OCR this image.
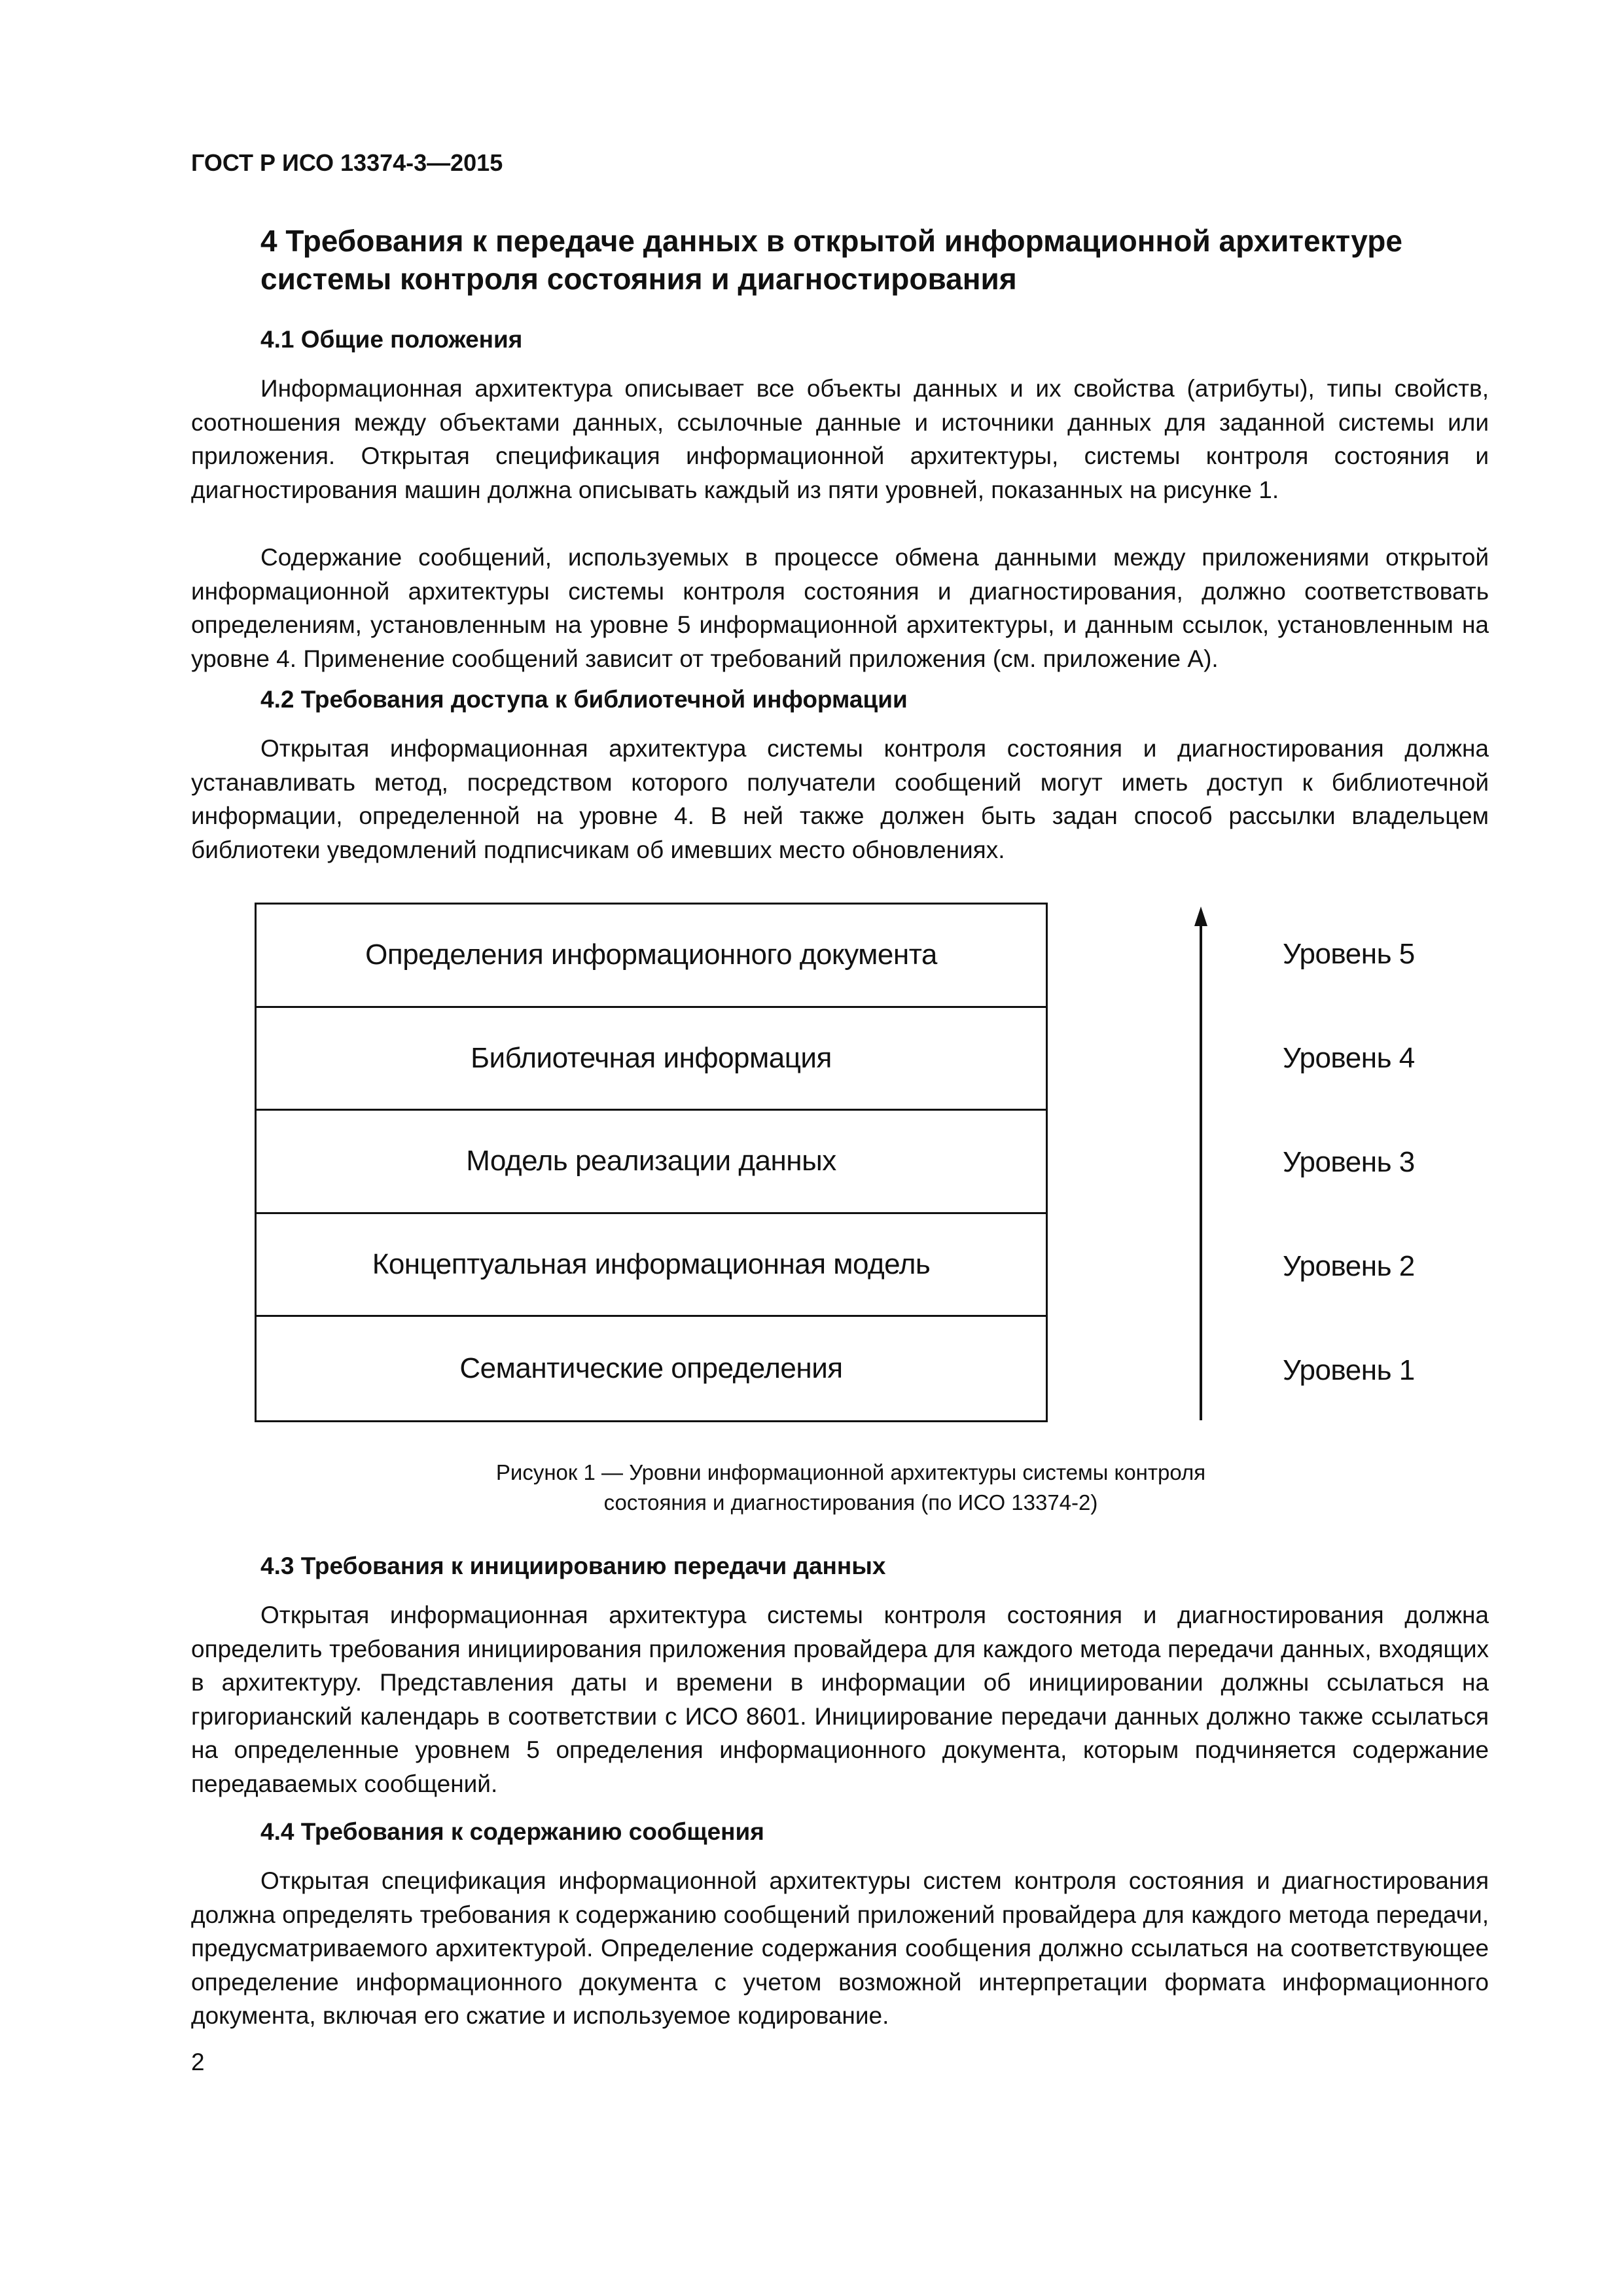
ГОСТ Р ИСО 13374-3—2015
4 Требования к передаче данных в открытой информационной архитектуре системы контроля состояния и диагностирования
4.1 Общие положения
Информационная архитектура описывает все объекты данных и их свойства (атрибуты), типы свойств, соотношения между объектами данных, ссылочные данные и источники данных для заданной системы или приложения. Открытая спецификация информационной архитектуры, системы контроля состояния и диагностирования машин должна описывать каждый из пяти уровней, показанных на рисунке 1.
Содержание сообщений, используемых в процессе обмена данными между приложениями открытой информационной архитектуры системы контроля состояния и диагностирования, должно соответствовать определениям, установленным на уровне 5 информационной архитектуры, и данным ссылок, установленным на уровне 4. Применение сообщений зависит от требований приложения (см. приложение А).
4.2 Требования доступа к библиотечной информации
Открытая информационная архитектура системы контроля состояния и диагностирования должна устанавливать метод, посредством которого получатели сообщений могут иметь доступ к библиотечной информации, определенной на уровне 4. В ней также должен быть задан способ рассылки владельцем библиотеки уведомлений подписчикам об имевших место обновлениях.
Определения информационного документа
Библиотечная информация
Модель реализации данных
Концептуальная информационная модель
Семантические определения
Уровень 5
Уровень 4
Уровень 3
Уровень 2
Уровень 1
Рисунок 1 — Уровни информационной архитектуры системы контроля
состояния и диагностирования (по ИСО 13374-2)
4.3 Требования к инициированию передачи данных
Открытая информационная архитектура системы контроля состояния и диагностирования должна определить требования инициирования приложения провайдера для каждого метода передачи данных, входящих в архитектуру. Представления даты и времени в информации об инициировании должны ссылаться на григорианский календарь в соответствии с ИСО 8601. Инициирование передачи данных должно также ссылаться на определенные уровнем 5 определения информационного документа, которым подчиняется содержание передаваемых сообщений.
4.4 Требования к содержанию сообщения
Открытая спецификация информационной архитектуры систем контроля состояния и диагностирования должна определять требования к содержанию сообщений приложений провайдера для каждого метода передачи, предусматриваемого архитектурой. Определение содержания сообщения должно ссылаться на соответствующее определение информационного документа с учетом возможной интерпретации формата информационного документа, включая его сжатие и используемое кодирование.
2
